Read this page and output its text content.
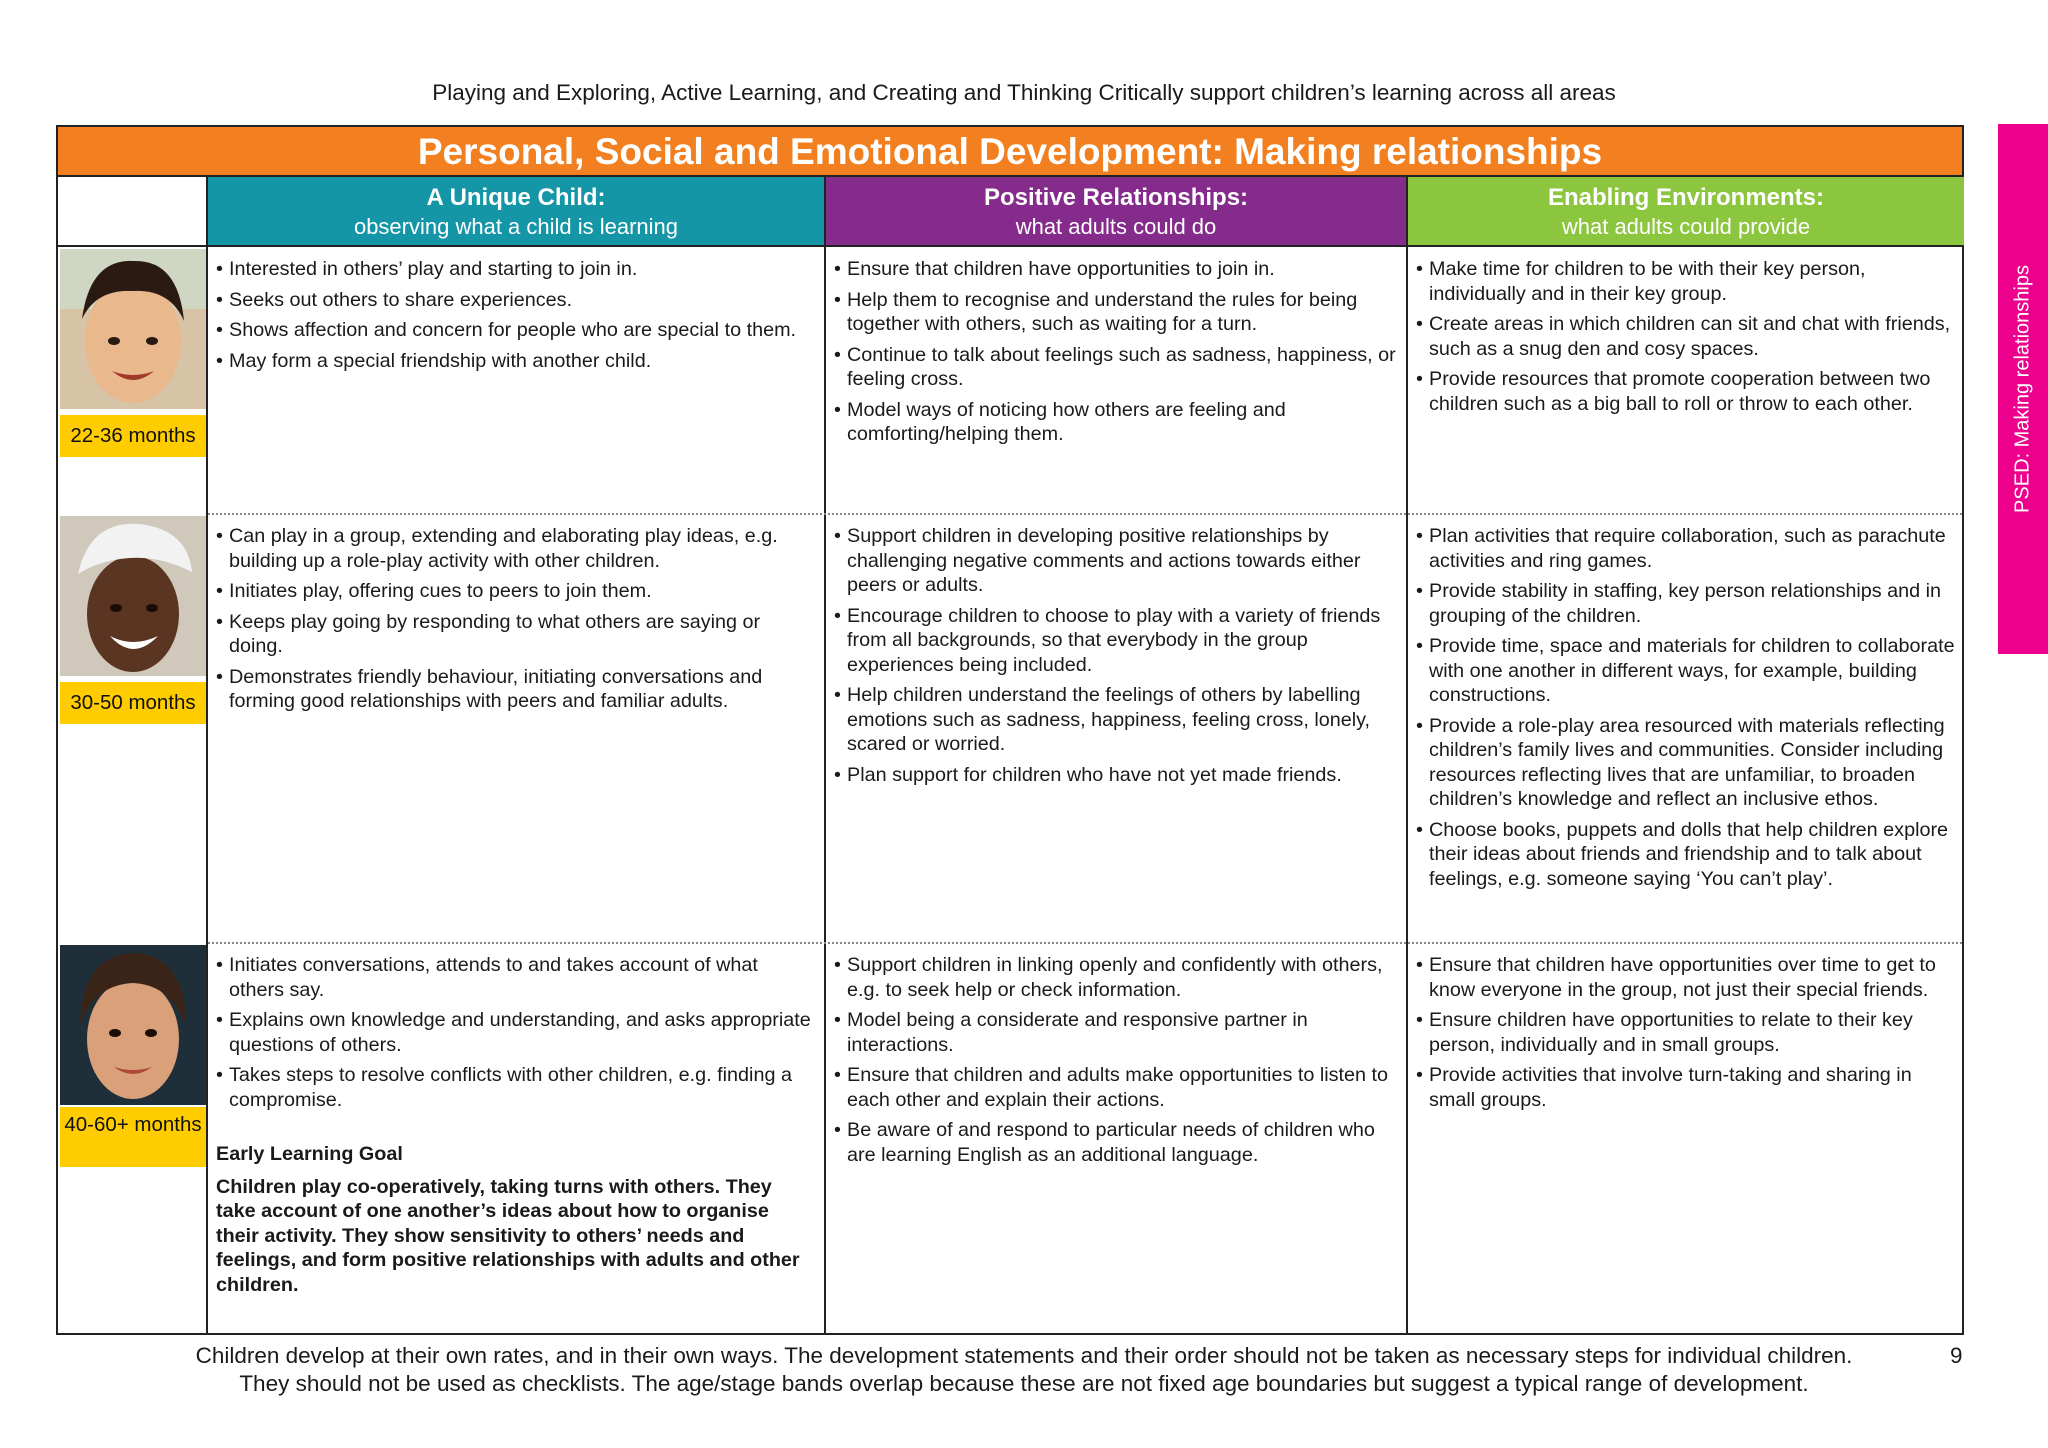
Playing and Exploring, Active Learning, and Creating and Thinking Critically support children’s learning across all areas
Personal, Social and Emotional Development: Making relationships
A Unique Child:
observing what a child is learning
Positive Relationships:
what adults could do
Enabling Environments:
what adults could provide
22-36 months
• Interested in others’ play and starting to join in.
• Seeks out others to share experiences.
• Shows affection and concern for people who are special to them.
• May form a special friendship with another child.
• Ensure that children have opportunities to join in.
• Help them to recognise and understand the rules for being together with others, such as waiting for a turn.
• Continue to talk about feelings such as sadness, happiness, or feeling cross.
• Model ways of noticing how others are feeling and comforting/helping them.
• Make time for children to be with their key person, individually and in their key group.
• Create areas in which children can sit and chat with friends, such as a snug den and cosy spaces.
• Provide resources that promote cooperation between two children such as a big ball to roll or throw to each other.
30-50 months
• Can play in a group, extending and elaborating play ideas, e.g. building up a role-play activity with other children.
• Initiates play, offering cues to peers to join them.
• Keeps play going by responding to what others are saying or doing.
• Demonstrates friendly behaviour, initiating conversations and forming good relationships with peers and familiar adults.
• Support children in developing positive relationships by challenging negative comments and actions towards either peers or adults.
• Encourage children to choose to play with a variety of friends from all backgrounds, so that everybody in the group experiences being included.
• Help children understand the feelings of others by labelling emotions such as sadness, happiness, feeling cross, lonely, scared or worried.
• Plan support for children who have not yet made friends.
• Plan activities that require collaboration, such as parachute activities and ring games.
• Provide stability in staffing, key person relationships and in grouping of the children.
• Provide time, space and materials for children to collaborate with one another in different ways, for example, building constructions.
• Provide a role-play area resourced with materials reflecting children’s family lives and communities. Consider including resources reflecting lives that are unfamiliar, to broaden children’s knowledge and reflect an inclusive ethos.
• Choose books, puppets and dolls that help children explore their ideas about friends and friendship and to talk about feelings, e.g. someone saying ‘You can’t play’.
40-60+ months
• Initiates conversations, attends to and takes account of what others say.
• Explains own knowledge and understanding, and asks appropriate questions of others.
• Takes steps to resolve conflicts with other children, e.g. finding a compromise.
Early Learning Goal
Children play co-operatively, taking turns with others. They take account of one another’s ideas about how to organise their activity. They show sensitivity to others’ needs and feelings, and form positive relationships with adults and other children.
• Support children in linking openly and confidently with others, e.g. to seek help or check information.
• Model being a considerate and responsive partner in interactions.
• Ensure that children and adults make opportunities to listen to each other and explain their actions.
• Be aware of and respond to particular needs of children who are learning English as an additional language.
• Ensure that children have opportunities over time to get to know everyone in the group, not just their special friends.
• Ensure children have opportunities to relate to their key person, individually and in small groups.
• Provide activities that involve turn-taking and sharing in small groups.
PSED: Making relationships
Children develop at their own rates, and in their own ways. The development statements and their order should not be taken as necessary steps for individual children.
They should not be used as checklists. The age/stage bands overlap because these are not fixed age boundaries but suggest a typical range of development.
9
